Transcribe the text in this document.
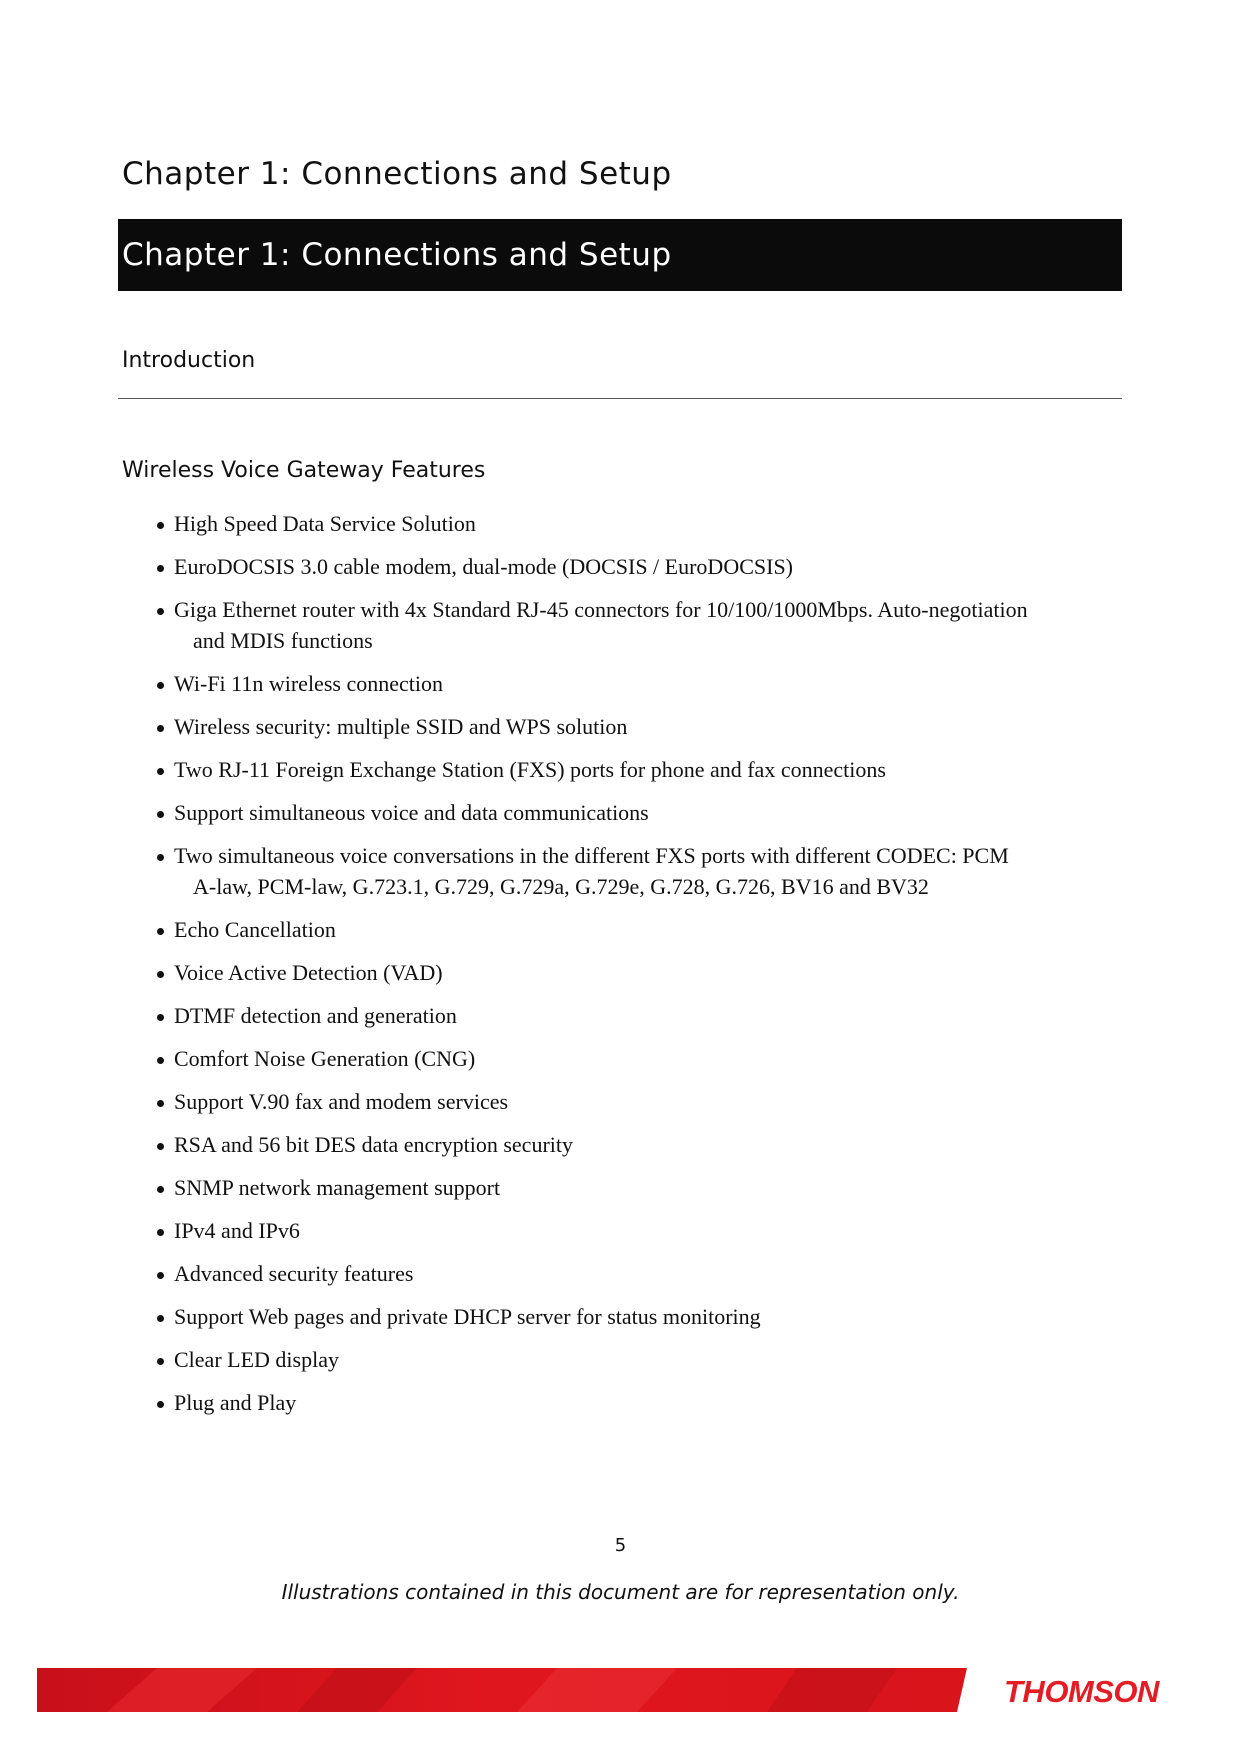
Chapter 1: Connections and Setup
Chapter 1: Connections and Setup
Introduction
Wireless Voice Gateway Features
High Speed Data Service Solution
EuroDOCSIS 3.0 cable modem, dual-mode (DOCSIS / EuroDOCSIS)
Giga Ethernet router with 4x Standard RJ-45 connectors for 10/100/1000Mbps. Auto-negotiation
and MDIS functions
Wi-Fi 11n wireless connection
Wireless security: multiple SSID and WPS solution
Two RJ-11 Foreign Exchange Station (FXS) ports for phone and fax connections
Support simultaneous voice and data communications
Two simultaneous voice conversations in the different FXS ports with different CODEC: PCM
A-law, PCM-law, G.723.1, G.729, G.729a, G.729e, G.728, G.726, BV16 and BV32
Echo Cancellation
Voice Active Detection (VAD)
DTMF detection and generation
Comfort Noise Generation (CNG)
Support V.90 fax and modem services
RSA and 56 bit DES data encryption security
SNMP network management support
IPv4 and IPv6
Advanced security features
Support Web pages and private DHCP server for status monitoring
Clear LED display
Plug and Play
5
Illustrations contained in this document are for representation only.
THOMSON
